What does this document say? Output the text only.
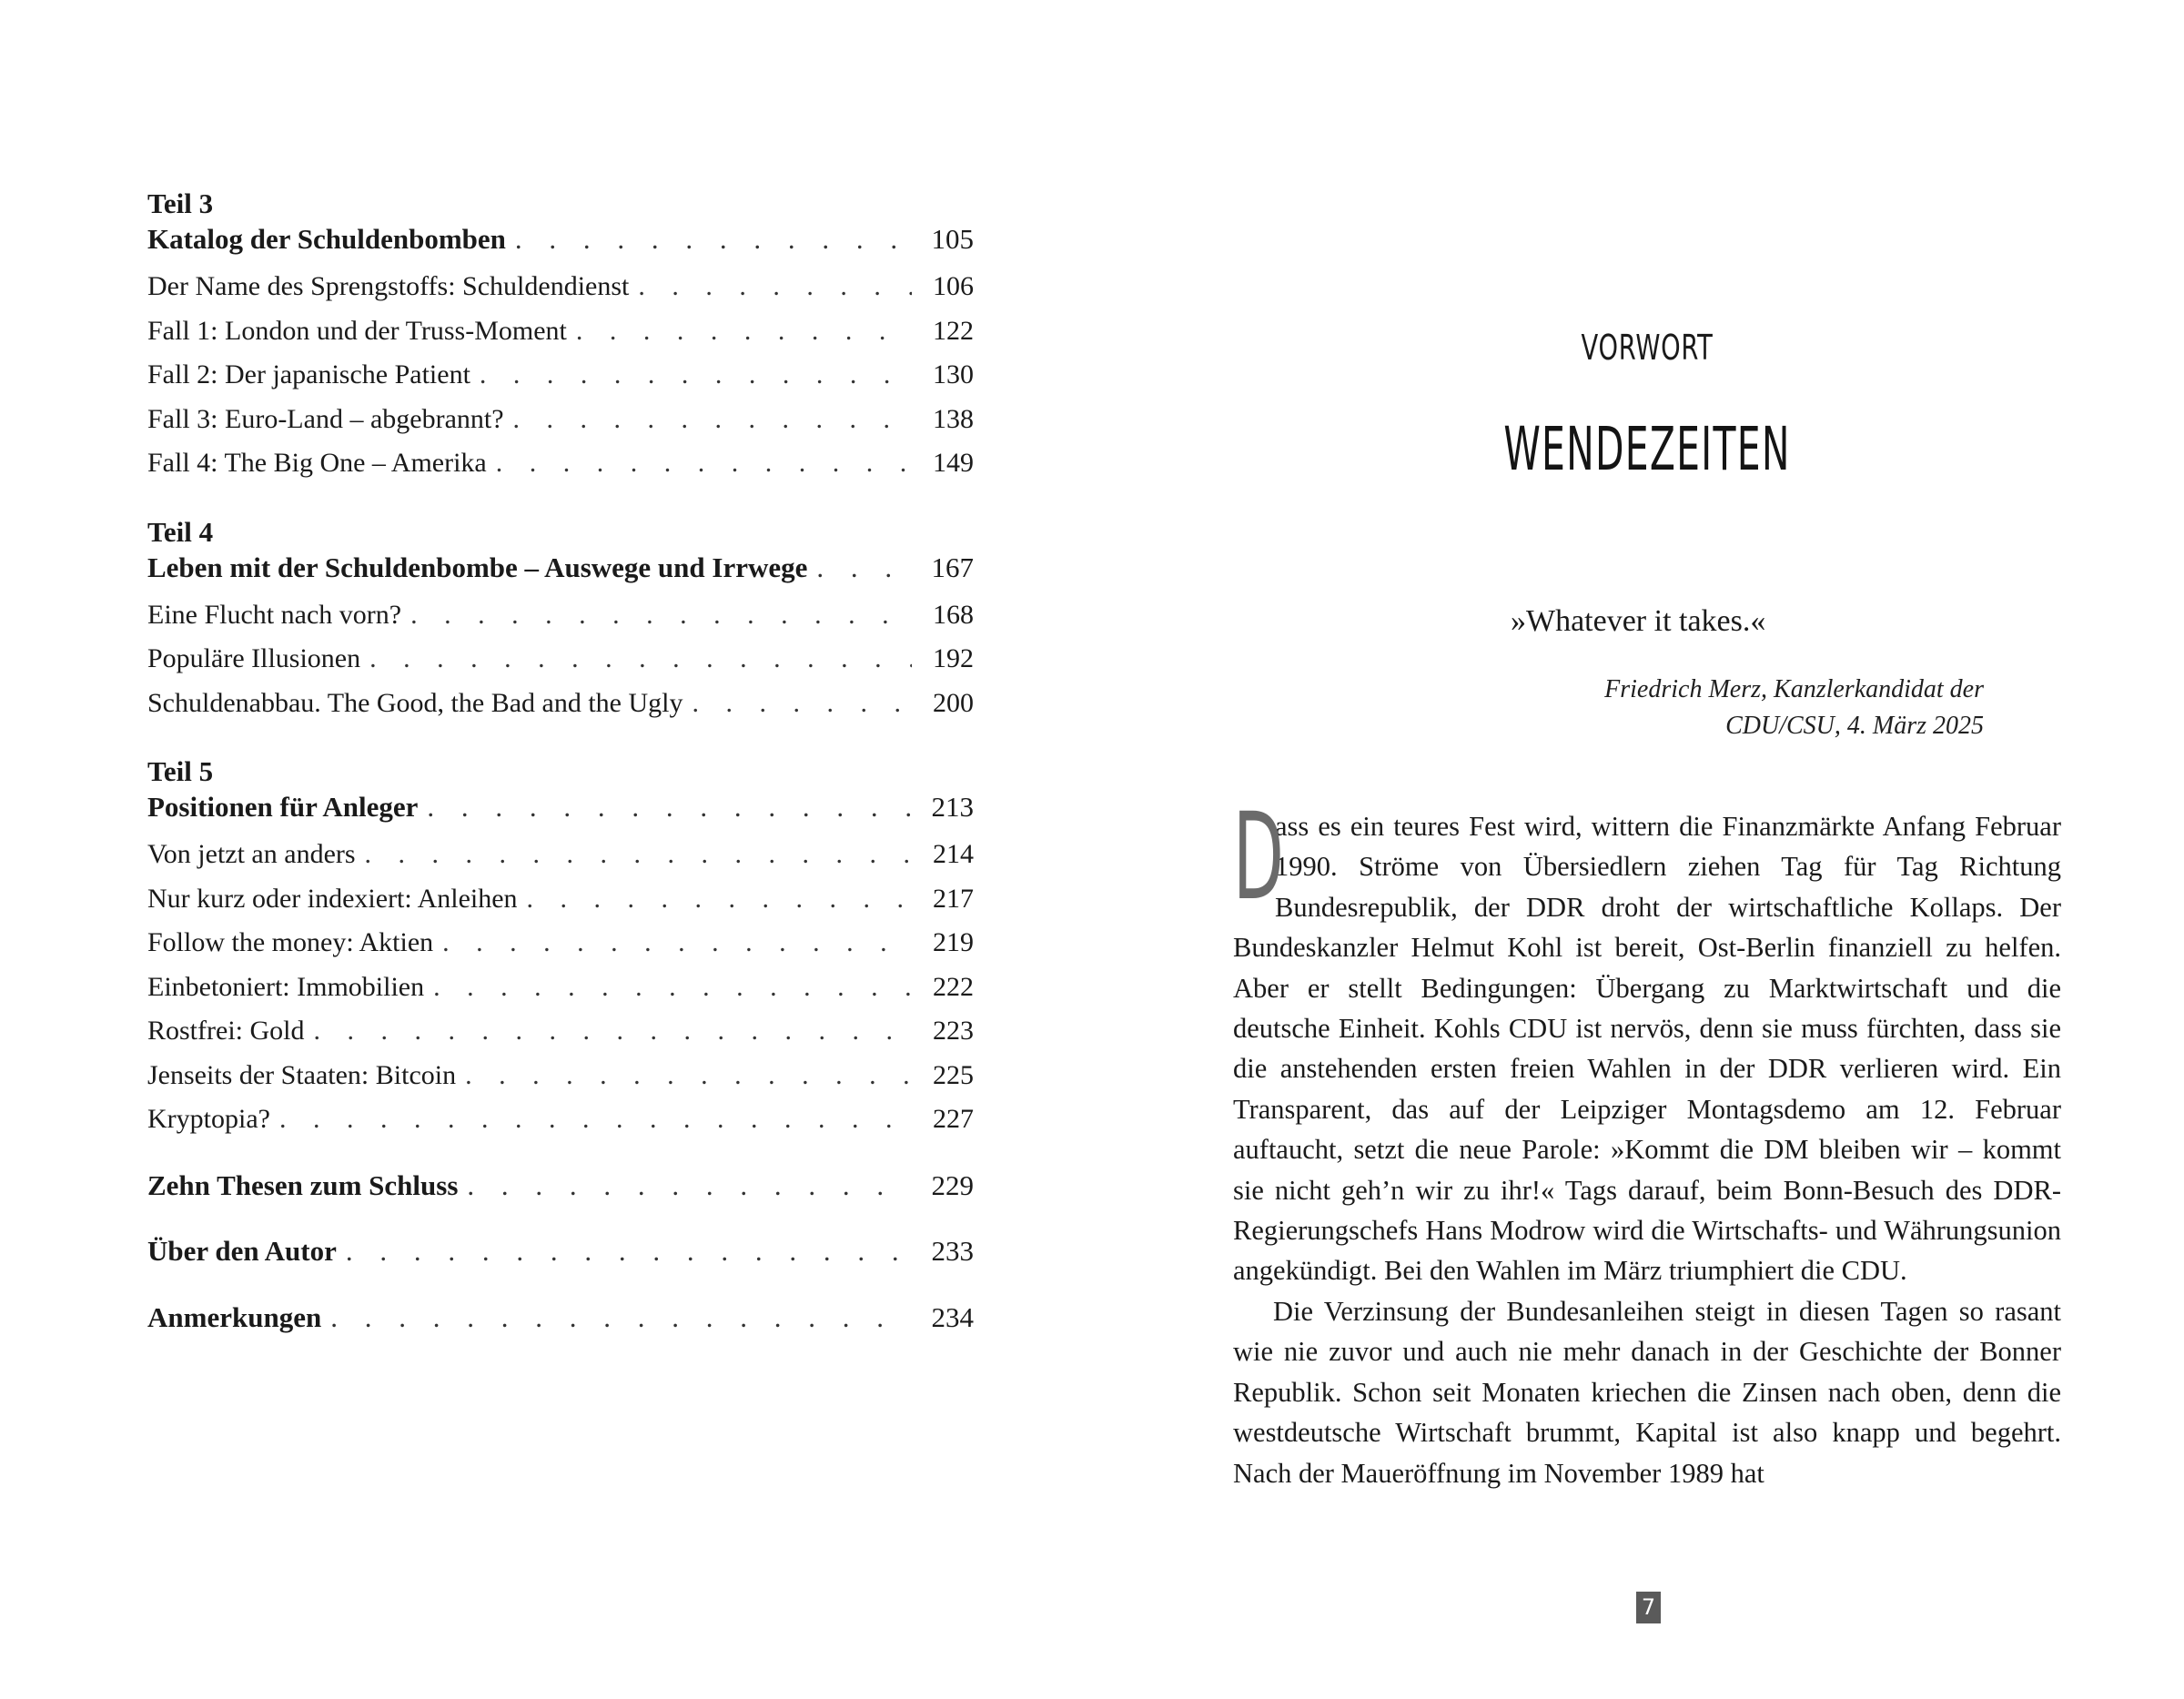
Teil 3
Katalog der Schuldenbomben . . .	105
Der Name des Sprengstoffs: Schuldendienst . . .	106
Fall 1: London und der Truss-Moment . . .	122
Fall 2: Der japanische Patient . . .	130
Fall 3: Euro-Land – abgebrannt? . . .	138
Fall 4: The Big One – Amerika . . .	149
Teil 4
Leben mit der Schuldenbombe – Auswege und Irrwege . . .	167
Eine Flucht nach vorn? . . .	168
Populäre Illusionen . . .	192
Schuldenabbau. The Good, the Bad and the Ugly . . .	200
Teil 5
Positionen für Anleger . . .	213
Von jetzt an anders . . .	214
Nur kurz oder indexiert: Anleihen . . .	217
Follow the money: Aktien . . .	219
Einbetoniert: Immobilien . . .	222
Rostfrei: Gold . . .	223
Jenseits der Staaten: Bitcoin . . .	225
Kryptopia? . . .	227
Zehn Thesen zum Schluss . . .	229
Über den Autor . . .	233
Anmerkungen . . .	234
VORWORT
WENDEZEITEN
»Whatever it takes.«
Friedrich Merz, Kanzlerkandidat der
CDU/CSU, 4. März 2025

D
ass es ein teures Fest wird, wittern die Finanzmärkte Anfang Februar 1990. Ströme von Übersiedlern ziehen Tag für Tag Richtung Bundesrepublik, der DDR droht der wirtschaftliche Kollaps. Der Bundeskanzler Helmut Kohl ist bereit, Ost-Berlin finanziell zu helfen. Aber er stellt Bedingungen: Übergang zu Marktwirtschaft und die deutsche Einheit. Kohls CDU ist nervös, denn sie muss fürchten, dass sie die anstehenden ersten freien Wahlen in der DDR verlieren wird. Ein Transparent, das auf der Leipziger Montagsdemo am 12. Februar auftaucht, setzt die neue Parole: »Kommt die DM bleiben wir – kommt sie nicht geh’n wir zu ihr!« Tags darauf, beim Bonn-Besuch des DDR-Regierungschefs Hans Modrow wird die Wirtschafts- und Währungsunion angekündigt. Bei den Wahlen im März triumphiert die CDU.

Die Verzinsung der Bundesanleihen steigt in diesen Tagen so rasant wie nie zuvor und auch nie mehr danach in der Geschichte der Bonner Republik. Schon seit Monaten kriechen die Zinsen nach oben, denn die westdeutsche Wirtschaft brummt, Kapital ist also knapp und begehrt. Nach der Maueröffnung im November 1989 hat

7
